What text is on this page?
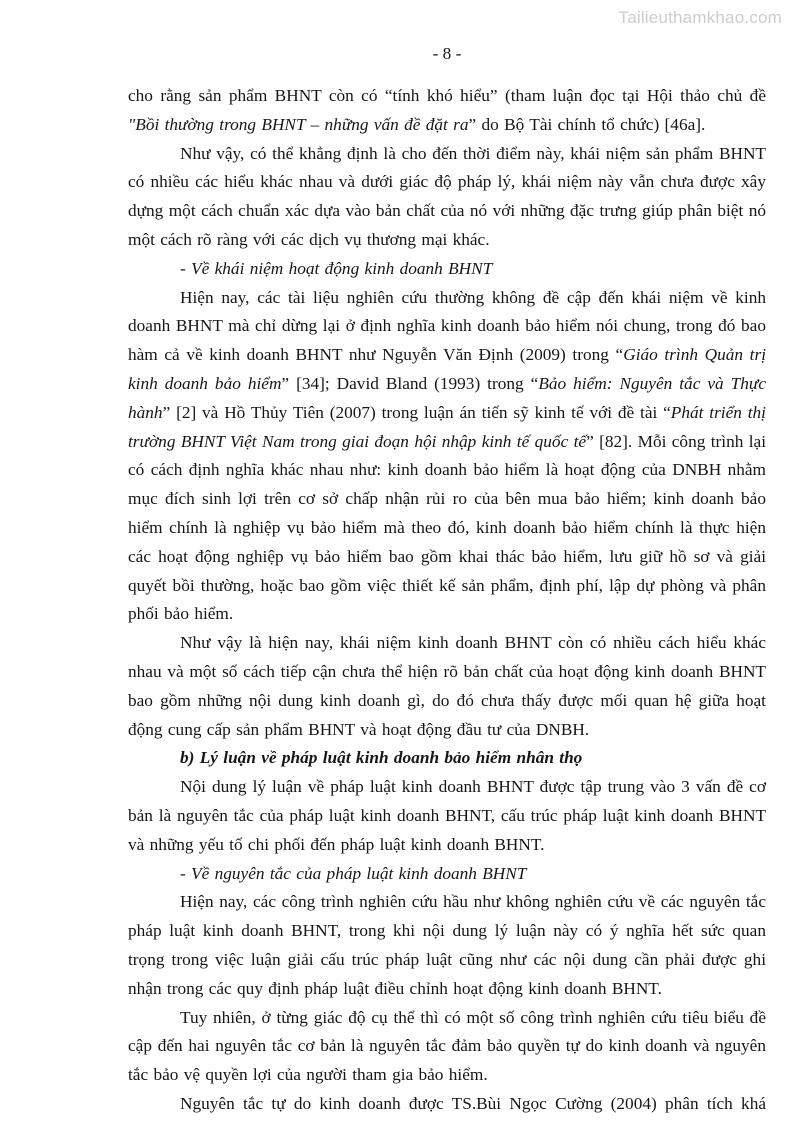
Tailieuthamkhao.com
- 8 -

cho rằng sản phẩm BHNT còn có “tính khó hiểu” (tham luận đọc tại Hội thảo chủ đề "Bồi thường trong BHNT – những vấn đề đặt ra” do Bộ Tài chính tổ chức) [46a].

Như vậy, có thể khẳng định là cho đến thời điểm này, khái niệm sản phẩm BHNT có nhiều các hiểu khác nhau và dưới giác độ pháp lý, khái niệm này vẫn chưa được xây dựng một cách chuẩn xác dựa vào bản chất của nó với những đặc trưng giúp phân biệt nó một cách rõ ràng với các dịch vụ thương mại khác.

- Về khái niệm hoạt động kinh doanh BHNT

Hiện nay, các tài liệu nghiên cứu thường không đề cập đến khái niệm về kinh doanh BHNT mà chỉ dừng lại ở định nghĩa kinh doanh bảo hiểm nói chung, trong đó bao hàm cả về kinh doanh BHNT như Nguyễn Văn Định (2009) trong “Giáo trình Quản trị kinh doanh bảo hiểm” [34]; David Bland (1993) trong “Bảo hiểm: Nguyên tắc và Thực hành” [2] và Hồ Thủy Tiên (2007) trong luận án tiến sỹ kinh tế với đề tài “Phát triển thị trường BHNT Việt Nam trong giai đoạn hội nhập kinh tế quốc tế” [82]. Mỗi công trình lại có cách định nghĩa khác nhau như: kinh doanh bảo hiểm là hoạt động của DNBH nhằm mục đích sinh lợi trên cơ sở chấp nhận rủi ro của bên mua bảo hiểm; kinh doanh bảo hiểm chính là nghiệp vụ bảo hiểm mà theo đó, kinh doanh bảo hiểm chính là thực hiện các hoạt động nghiệp vụ bảo hiểm bao gồm khai thác bảo hiểm, lưu giữ hồ sơ và giải quyết bồi thường, hoặc bao gồm việc thiết kế sản phẩm, định phí, lập dự phòng và phân phối bảo hiểm.

Như vậy là hiện nay, khái niệm kinh doanh BHNT còn có nhiều cách hiểu khác nhau và một số cách tiếp cận chưa thể hiện rõ bản chất của hoạt động kinh doanh BHNT bao gồm những nội dung kinh doanh gì, do đó chưa thấy được mối quan hệ giữa hoạt động cung cấp sản phẩm BHNT và hoạt động đầu tư của DNBH.

b) Lý luận về pháp luật kinh doanh bảo hiểm nhân thọ

Nội dung lý luận về pháp luật kinh doanh BHNT được tập trung vào 3 vấn đề cơ bản là nguyên tắc của pháp luật kinh doanh BHNT, cấu trúc pháp luật kinh doanh BHNT và những yếu tố chi phối đến pháp luật kinh doanh BHNT.

- Về nguyên tắc của pháp luật kinh doanh BHNT

Hiện nay, các công trình nghiên cứu hầu như không nghiên cứu về các nguyên tắc pháp luật kinh doanh BHNT, trong khi nội dung lý luận này có ý nghĩa hết sức quan trọng trong việc luận giải cấu trúc pháp luật cũng như các nội dung cần phải được ghi nhận trong các quy định pháp luật điều chỉnh hoạt động kinh doanh BHNT.

Tuy nhiên, ở từng giác độ cụ thể thì có một số công trình nghiên cứu tiêu biểu đề cập đến hai nguyên tắc cơ bản là nguyên tắc đảm bảo quyền tự do kinh doanh và nguyên tắc bảo vệ quyền lợi của người tham gia bảo hiểm.

Nguyên tắc tự do kinh doanh được TS.Bùi Ngọc Cường (2004) phân tích khá
